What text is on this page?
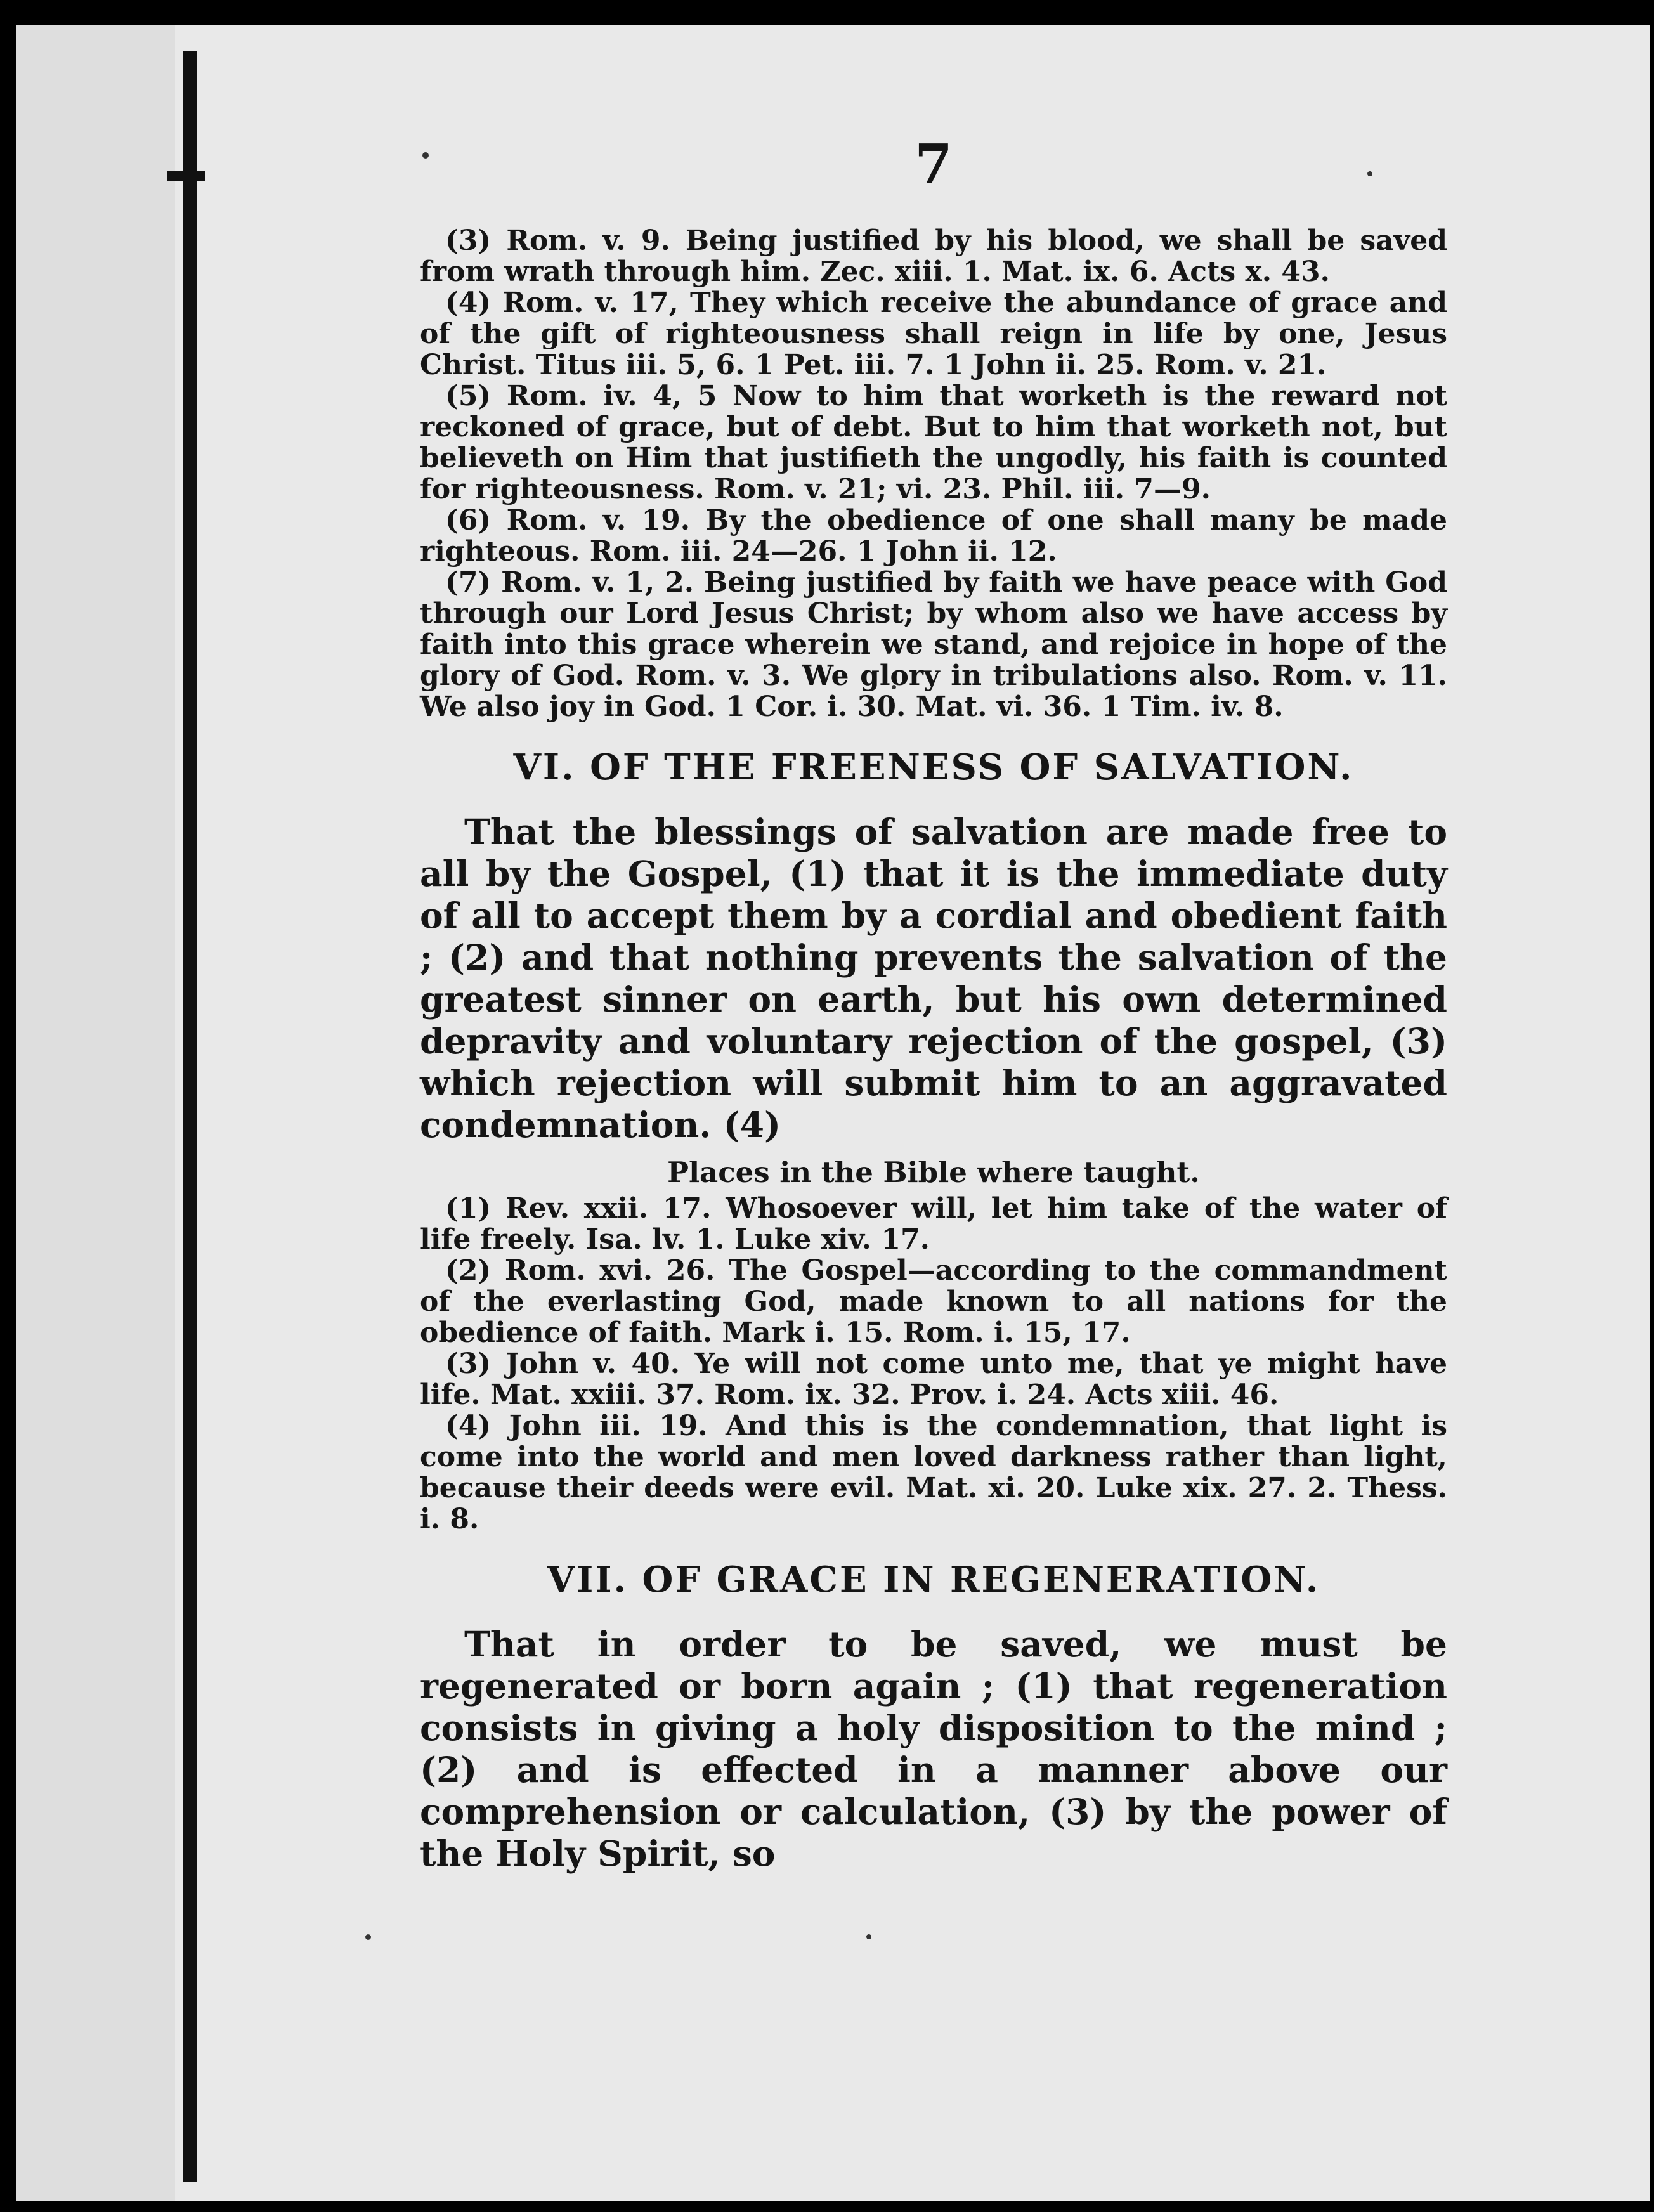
7

(3) Rom. v. 9. Being justified by his blood, we shall be saved from wrath through him. Zec. xiii. 1. Mat. ix. 6. Acts x. 43.

(4) Rom. v. 17, They which receive the abundance of grace and of the gift of righteousness shall reign in life by one, Jesus Christ. Titus iii. 5, 6. 1 Pet. iii. 7. 1 John ii. 25. Rom. v. 21.

(5) Rom. iv. 4, 5 Now to him that worketh is the reward not reckoned of grace, but of debt. But to him that worketh not, but believeth on Him that justifieth the ungodly, his faith is counted for righteousness. Rom. v. 21; vi. 23. Phil. iii. 7—9.

(6) Rom. v. 19. By the obedience of one shall many be made righteous. Rom. iii. 24—26. 1 John ii. 12.

(7) Rom. v. 1, 2. Being justified by faith we have peace with God through our Lord Jesus Christ; by whom also we have access by faith into this grace wherein we stand, and rejoice in hope of the glory of God. Rom. v. 3. We glory in tribulations also. Rom. v. 11. We also joy in God. 1 Cor. i. 30. Mat. vi. 36. 1 Tim. iv. 8.

VI. OF THE FREENESS OF SALVATION.

That the blessings of salvation are made free to all by the Gospel, (1) that it is the immediate duty of all to accept them by a cordial and obedient faith ; (2) and that nothing prevents the salvation of the greatest sinner on earth, but his own determined depravity and voluntary rejection of the gospel, (3) which rejection will submit him to an aggravated condemnation. (4)

Places in the Bible where taught.

(1) Rev. xxii. 17. Whosoever will, let him take of the water of life freely. Isa. lv. 1. Luke xiv. 17.

(2) Rom. xvi. 26. The Gospel—according to the commandment of the everlasting God, made known to all nations for the obedience of faith. Mark i. 15. Rom. i. 15, 17.

(3) John v. 40. Ye will not come unto me, that ye might have life. Mat. xxiii. 37. Rom. ix. 32. Prov. i. 24. Acts xiii. 46.

(4) John iii. 19. And this is the condemnation, that light is come into the world and men loved darkness rather than light, because their deeds were evil. Mat. xi. 20. Luke xix. 27. 2. Thess. i. 8.

VII. OF GRACE IN REGENERATION.

That in order to be saved, we must be regenerated or born again ; (1) that regeneration consists in giving a holy disposition to the mind ; (2) and is effected in a manner above our comprehension or calculation, (3) by the power of the Holy Spirit, so
